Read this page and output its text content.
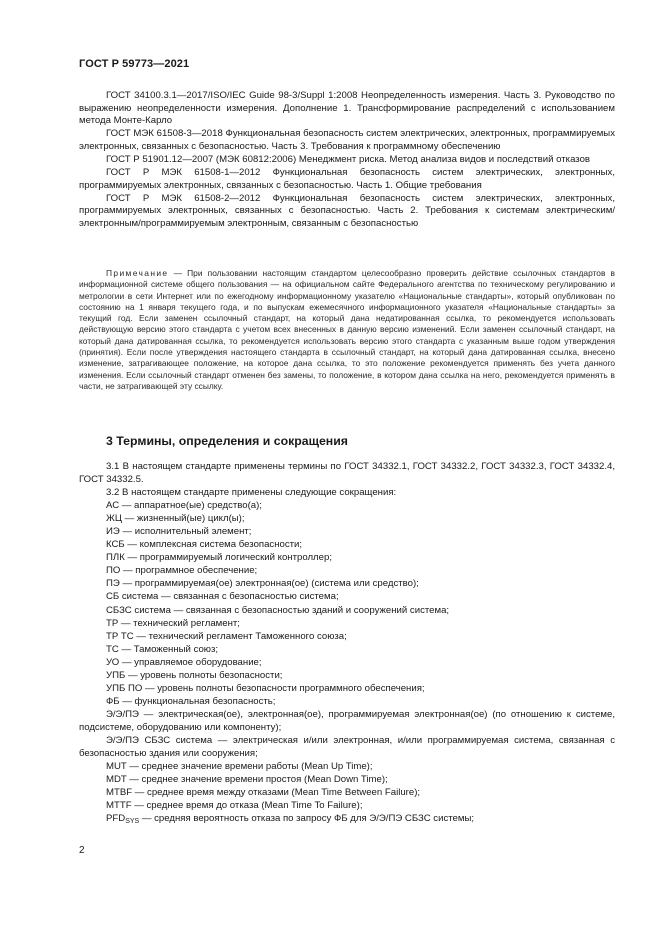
ГОСТ Р 59773—2021

ГОСТ 34100.3.1—2017/ISO/IEC Guide 98-3/Suppl 1:2008 Неопределенность измерения. Часть 3. Руководство по выражению неопределенности измерения. Дополнение 1. Трансформирование распределений с использованием метода Монте-Карло

ГОСТ МЭК 61508-3—2018 Функциональная безопасность систем электрических, электронных, программируемых электронных, связанных с безопасностью. Часть 3. Требования к программному обеспечению

ГОСТ Р 51901.12—2007 (МЭК 60812:2006) Менеджмент риска. Метод анализа видов и последствий отказов

ГОСТ Р МЭК 61508-1—2012 Функциональная безопасность систем электрических, электронных, программируемых электронных, связанных с безопасностью. Часть 1. Общие требования

ГОСТ Р МЭК 61508-2—2012 Функциональная безопасность систем электрических, электронных, программируемых электронных, связанных с безопасностью. Часть 2. Требования к системам электрическим/электронным/программируемым электронным, связанным с безопасностью

Примечание — При пользовании настоящим стандартом целесообразно проверить действие ссылочных стандартов в информационной системе общего пользования — на официальном сайте Федерального агентства по техническому регулированию и метрологии в сети Интернет или по ежегодному информационному указателю «Национальные стандарты», который опубликован по состоянию на 1 января текущего года, и по выпускам ежемесячного информационного указателя «Национальные стандарты» за текущий год. Если заменен ссылочный стандарт, на который дана недатированная ссылка, то рекомендуется использовать действующую версию этого стандарта с учетом всех внесенных в данную версию изменений. Если заменен ссылочный стандарт, на который дана датированная ссылка, то рекомендуется использовать версию этого стандарта с указанным выше годом утверждения (принятия). Если после утверждения настоящего стандарта в ссылочный стандарт, на который дана датированная ссылка, внесено изменение, затрагивающее положение, на которое дана ссылка, то это положение рекомендуется применять без учета данного изменения. Если ссылочный стандарт отменен без замены, то положение, в котором дана ссылка на него, рекомендуется применять в части, не затрагивающей эту ссылку.
3 Термины, определения и сокращения

3.1 В настоящем стандарте применены термины по ГОСТ 34332.1, ГОСТ 34332.2, ГОСТ 34332.3, ГОСТ 34332.4, ГОСТ 34332.5.

3.2 В настоящем стандарте применены следующие сокращения:

АС — аппаратное(ые) средство(а);

ЖЦ — жизненный(ые) цикл(ы);

ИЭ — исполнительный элемент;

КСБ — комплексная система безопасности;

ПЛК — программируемый логический контроллер;

ПО — программное обеспечение;

ПЭ — программируемая(ое) электронная(ое) (система или средство);

СБ система — связанная с безопасностью система;

СБЗС система — связанная с безопасностью зданий и сооружений система;

ТР — технический регламент;

ТР ТС — технический регламент Таможенного союза;

ТС — Таможенный союз;

УО — управляемое оборудование;

УПБ — уровень полноты безопасности;

УПБ ПО — уровень полноты безопасности программного обеспечения;

ФБ — функциональная безопасность;

Э/Э/ПЭ — электрическая(ое), электронная(ое), программируемая электронная(ое) (по отношению к системе, подсистеме, оборудованию или компоненту);

Э/Э/ПЭ СБЗС система — электрическая и/или электронная, и/или программируемая система, связанная с безопасностью здания или сооружения;

MUT — среднее значение времени работы (Mean Up Time);

MDT — среднее значение времени простоя (Mean Down Time);

MTBF — среднее время между отказами (Mean Time Between Failure);

MTTF — среднее время до отказа (Mean Time To Failure);

$PFD_{SYS}$ — средняя вероятность отказа по запросу ФБ для Э/Э/ПЭ СБЗС системы;

2
